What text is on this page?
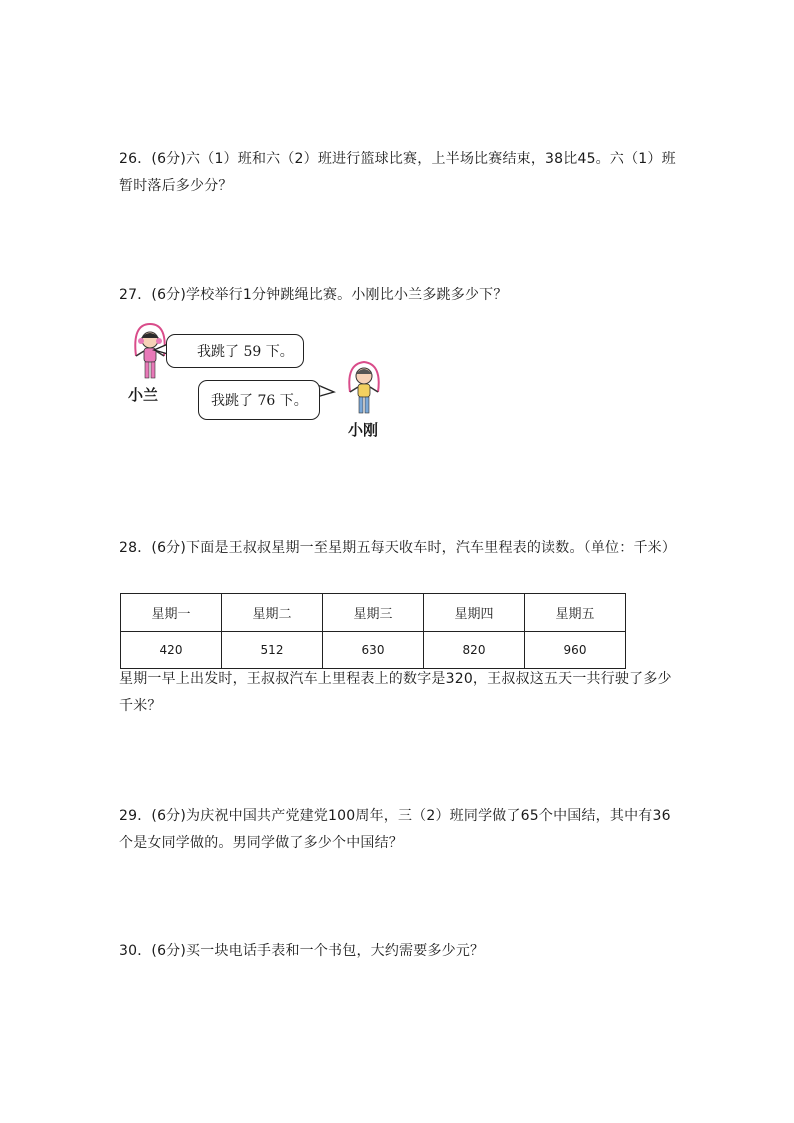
26．(6分)六（1）班和六（2）班进行篮球比赛，上半场比赛结束，38比45。六（1）班暂时落后多少分？
27．(6分)学校举行1分钟跳绳比赛。小刚比小兰多跳多少下？
我跳了 59 下。
小兰	我跳了 76 下。
小刚
28．(6分)下面是王叔叔星期一至星期五每天收车时，汽车里程表的读数。（单位：千米）
星期一	星期二	星期三	星期四	星期五
420	512	630	820	960
星期一早上出发时，王叔叔汽车上里程表上的数字是320，王叔叔这五天一共行驶了多少千米？
29．(6分)为庆祝中国共产党建党100周年，三（2）班同学做了65个中国结，其中有36个是女同学做的。男同学做了多少个中国结？
30．(6分)买一块电话手表和一个书包，大约需要多少元？
